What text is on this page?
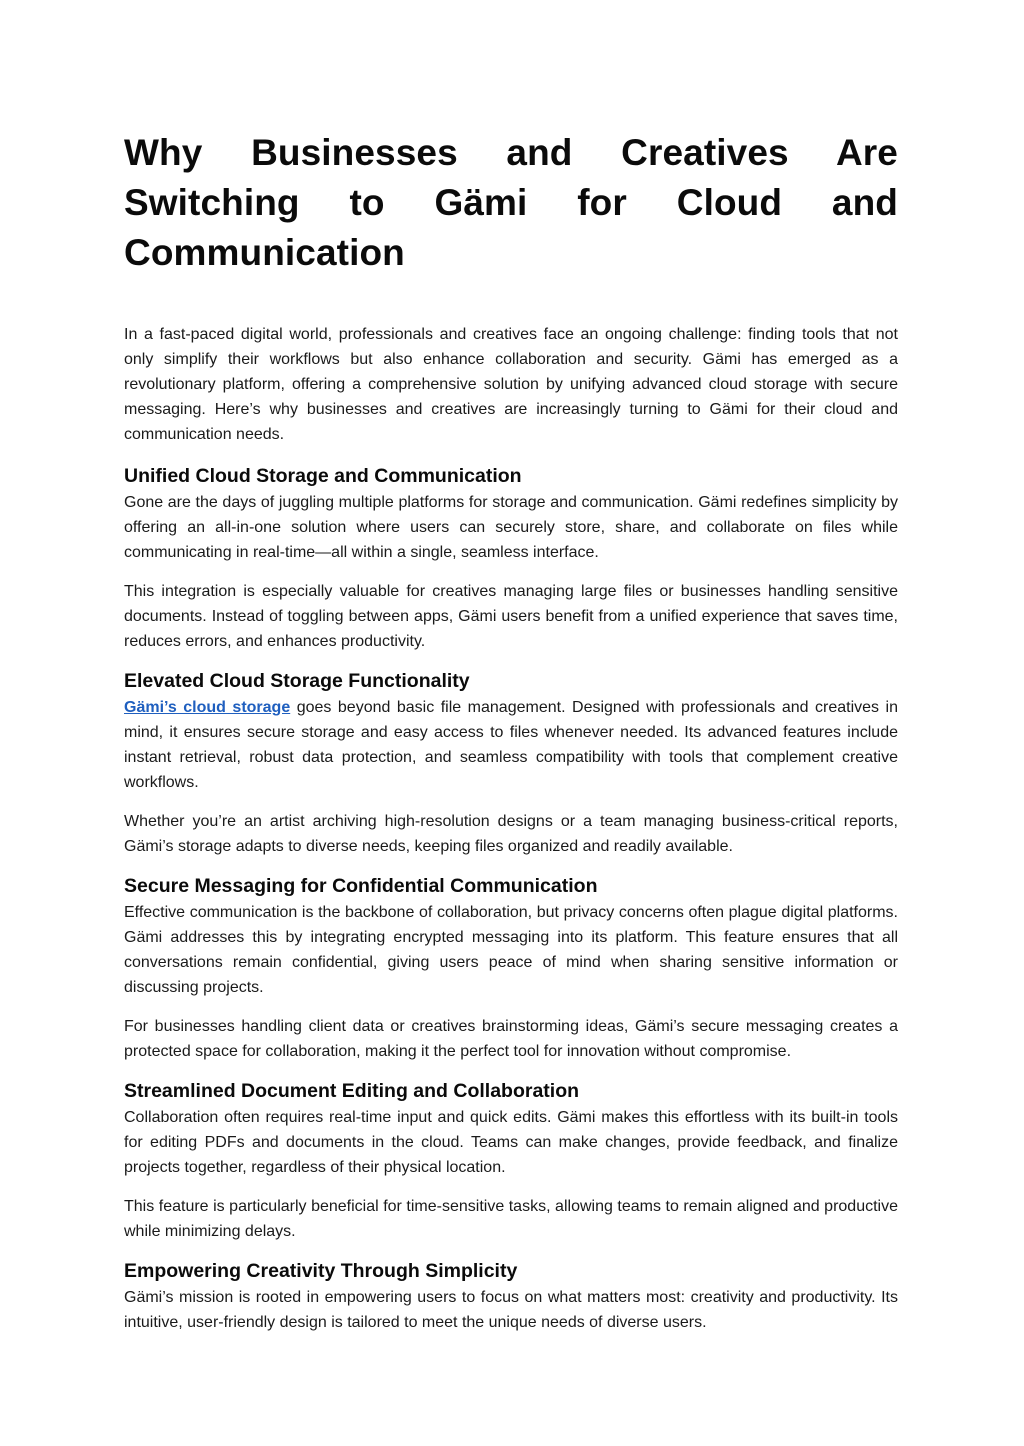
Why Businesses and Creatives Are Switching to Gämi for Cloud and Communication

In a fast-paced digital world, professionals and creatives face an ongoing challenge: finding tools that not only simplify their workflows but also enhance collaboration and security. Gämi has emerged as a revolutionary platform, offering a comprehensive solution by unifying advanced cloud storage with secure messaging. Here’s why businesses and creatives are increasingly turning to Gämi for their cloud and communication needs.

Unified Cloud Storage and Communication

Gone are the days of juggling multiple platforms for storage and communication. Gämi redefines simplicity by offering an all-in-one solution where users can securely store, share, and collaborate on files while communicating in real-time—all within a single, seamless interface.

This integration is especially valuable for creatives managing large files or businesses handling sensitive documents. Instead of toggling between apps, Gämi users benefit from a unified experience that saves time, reduces errors, and enhances productivity.

Elevated Cloud Storage Functionality

Gämi’s cloud storage goes beyond basic file management. Designed with professionals and creatives in mind, it ensures secure storage and easy access to files whenever needed. Its advanced features include instant retrieval, robust data protection, and seamless compatibility with tools that complement creative workflows.

Whether you’re an artist archiving high-resolution designs or a team managing business-critical reports, Gämi’s storage adapts to diverse needs, keeping files organized and readily available.

Secure Messaging for Confidential Communication

Effective communication is the backbone of collaboration, but privacy concerns often plague digital platforms. Gämi addresses this by integrating encrypted messaging into its platform. This feature ensures that all conversations remain confidential, giving users peace of mind when sharing sensitive information or discussing projects.

For businesses handling client data or creatives brainstorming ideas, Gämi’s secure messaging creates a protected space for collaboration, making it the perfect tool for innovation without compromise.

Streamlined Document Editing and Collaboration

Collaboration often requires real-time input and quick edits. Gämi makes this effortless with its built-in tools for editing PDFs and documents in the cloud. Teams can make changes, provide feedback, and finalize projects together, regardless of their physical location.

This feature is particularly beneficial for time-sensitive tasks, allowing teams to remain aligned and productive while minimizing delays.

Empowering Creativity Through Simplicity

Gämi’s mission is rooted in empowering users to focus on what matters most: creativity and productivity. Its intuitive, user-friendly design is tailored to meet the unique needs of diverse users.
